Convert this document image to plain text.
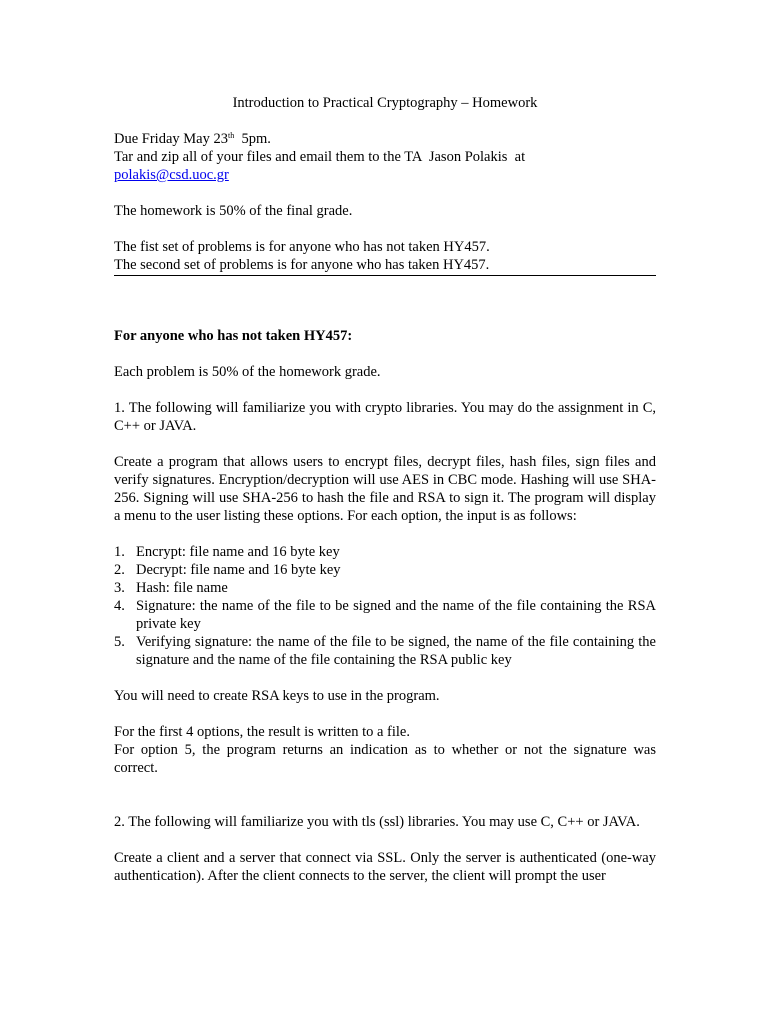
Introduction to Practical Cryptography – Homework
Due Friday May 23th  5pm.
Tar and zip all of your files and email them to the TA  Jason Polakis  at
polakis@csd.uoc.gr
The homework is 50% of the final grade.
The fist set of problems is for anyone who has not taken HY457.
The second set of problems is for anyone who has taken HY457.
For anyone who has not taken HY457:
Each problem is 50% of the homework grade.
1. The following will familiarize you with crypto libraries. You may do the assignment in C, C++ or JAVA.
Create a program that allows users to encrypt files, decrypt files, hash files, sign files and verify signatures. Encryption/decryption will use AES in CBC mode. Hashing will use SHA-256. Signing will use SHA-256 to hash the file and RSA to sign it. The program will display a menu to the user listing these options. For each option, the input is as follows:
1. Encrypt: file name and 16 byte key
2. Decrypt: file name and 16 byte key
3. Hash: file name
4. Signature: the name of the file to be signed and the name of the file containing the RSA private key
5. Verifying signature: the name of the file to be signed, the name of the file containing the signature and the name of the file containing the RSA public key
You will need to create RSA keys to use in the program.
For the first 4 options, the result is written to a file.
For option 5, the program returns an indication as to whether or not the signature was correct.
2. The following will familiarize you with tls (ssl) libraries. You may use C, C++ or JAVA.
Create a client and a server that connect via SSL. Only the server is authenticated (one-way authentication). After the client connects to the server, the client will prompt the user
